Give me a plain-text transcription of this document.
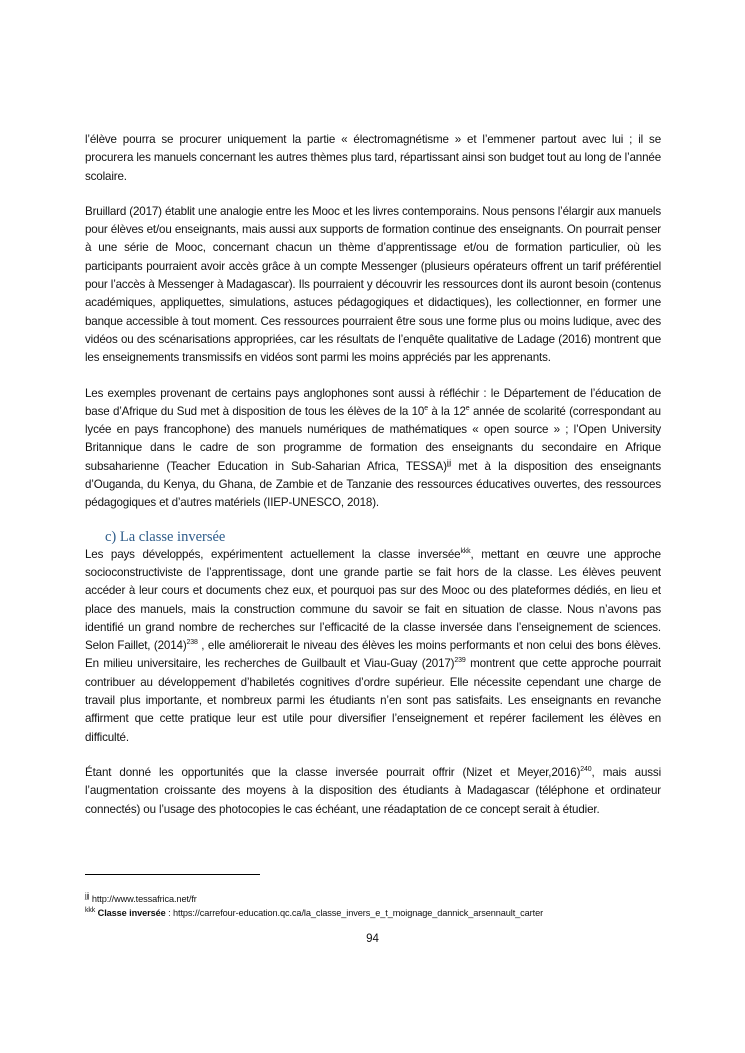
l’élève pourra se procurer uniquement la partie « électromagnétisme » et l’emmener partout avec lui ; il se procurera les manuels concernant les autres thèmes plus tard, répartissant ainsi son budget tout au long de l’année scolaire.

Bruillard (2017) établit une analogie entre les Mooc et les livres contemporains. Nous pensons l’élargir aux manuels pour élèves et/ou enseignants, mais aussi aux supports de formation continue des enseignants. On pourrait penser à une série de Mooc, concernant chacun un thème d’apprentissage et/ou de formation particulier, où les participants pourraient avoir accès grâce à un compte Messenger (plusieurs opérateurs offrent un tarif préférentiel pour l’accès à Messenger à Madagascar). Ils pourraient y découvrir les ressources dont ils auront besoin (contenus académiques, appliquettes, simulations, astuces pédagogiques et didactiques), les collectionner, en former une banque accessible à tout moment. Ces ressources pourraient être sous une forme plus ou moins ludique, avec des vidéos ou des scénarisations appropriées, car les résultats de l’enquête qualitative de Ladage (2016) montrent que les enseignements transmissifs en vidéos sont parmi les moins appréciés par les apprenants.

Les exemples provenant de certains pays anglophones sont aussi à réfléchir : le Département de l’éducation de base d’Afrique du Sud met à disposition de tous les élèves de la 10e à la 12e année de scolarité (correspondant au lycée en pays francophone) des manuels numériques de mathématiques « open source » ; l’Open University Britannique dans le cadre de son programme de formation des enseignants du secondaire en Afrique subsaharienne (Teacher Education in Sub-Saharian Africa, TESSA)$^{jjj}$ met à la disposition des enseignants d’Ouganda, du Kenya, du Ghana, de Zambie et de Tanzanie des ressources éducatives ouvertes, des ressources pédagogiques et d’autres matériels (IIEP-UNESCO, 2018).

c) La classe inversée

Les pays développés, expérimentent actuellement la classe inversée$^{kkk}$, mettant en œuvre une approche socioconstructiviste de l’apprentissage, dont une grande partie se fait hors de la classe. Les élèves peuvent accéder à leur cours et documents chez eux, et pourquoi pas sur des Mooc ou des plateformes dédiés, en lieu et place des manuels, mais la construction commune du savoir se fait en situation de classe. Nous n’avons pas identifié un grand nombre de recherches sur l’efficacité de la classe inversée dans l’enseignement de sciences. Selon Faillet, $(2014)^{238}$ , elle améliorerait le niveau des élèves les moins performants et non celui des bons élèves. En milieu universitaire, les recherches de Guilbault et Viau-Guay $(2017)^{239}$ montrent que cette approche pourrait contribuer au développement d’habiletés cognitives d’ordre supérieur. Elle nécessite cependant une charge de travail plus importante, et nombreux parmi les étudiants n’en sont pas satisfaits. Les enseignants en revanche affirment que cette pratique leur est utile pour diversifier l’enseignement et repérer facilement les élèves en difficulté.

Étant donné les opportunités que la classe inversée pourrait offrir (Nizet et Meyer,2016)$^{240}$, mais aussi l’augmentation croissante des moyens à la disposition des étudiants à Madagascar (téléphone et ordinateur connectés) ou l’usage des photocopies le cas échéant, une réadaptation de ce concept serait à étudier.

$^{jjj}$ http://www.tessafrica.net/fr
$^{kkk}$ Classe inversée : https://carrefour-education.qc.ca/la_classe_invers_e_t_moignage_dannick_arsennault_carter
94
